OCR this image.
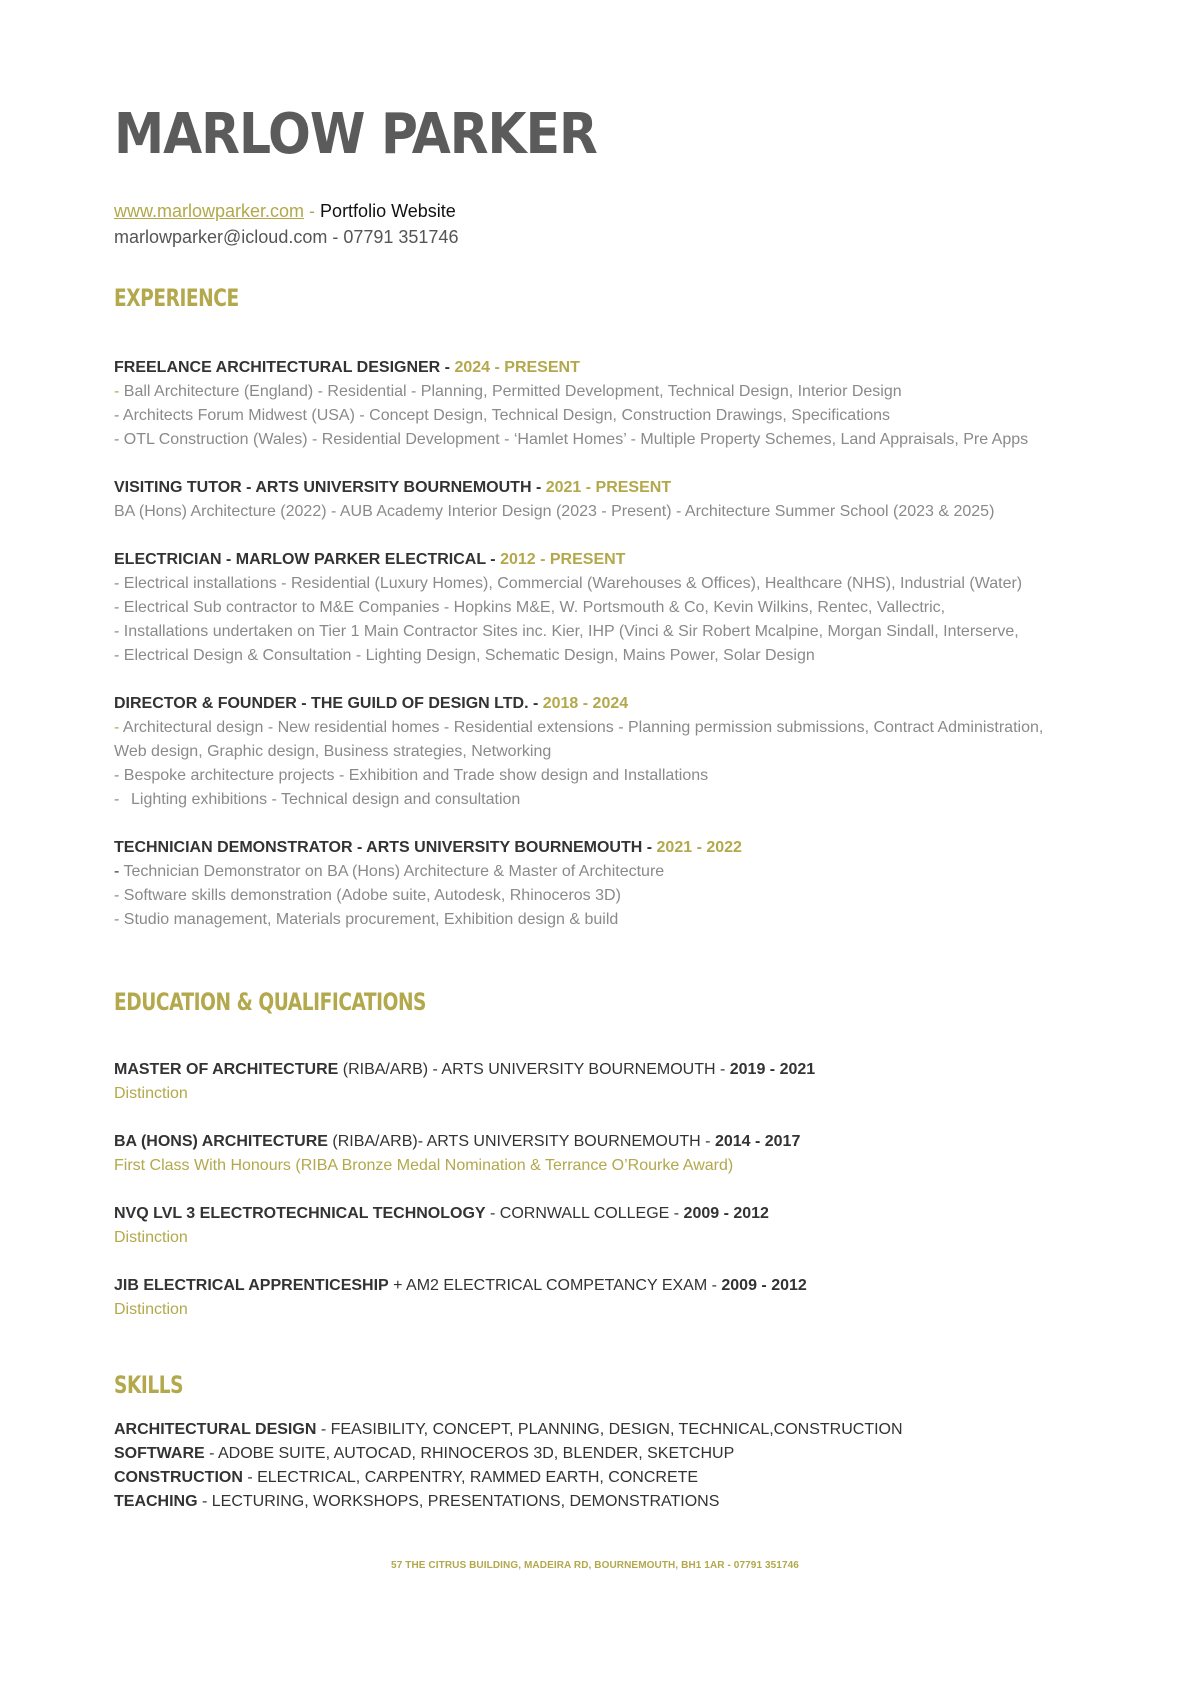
MARLOW PARKER
www.marlowparker.com - Portfolio Website
marlowparker@icloud.com - 07791 351746
EXPERIENCE
FREELANCE ARCHITECTURAL DESIGNER - 2024 - PRESENT
- Ball Architecture (England) - Residential - Planning, Permitted Development, Technical Design, Interior Design
- Architects Forum Midwest (USA) - Concept Design, Technical Design, Construction Drawings, Specifications
- OTL Construction (Wales) - Residential Development - ‘Hamlet Homes’ - Multiple Property Schemes, Land Appraisals, Pre Apps
VISITING TUTOR - ARTS UNIVERSITY BOURNEMOUTH - 2021 - PRESENT
BA (Hons) Architecture (2022) - AUB Academy Interior Design (2023 - Present) - Architecture Summer School (2023 & 2025)
ELECTRICIAN - MARLOW PARKER ELECTRICAL - 2012 - PRESENT
- Electrical installations - Residential (Luxury Homes), Commercial (Warehouses & Offices), Healthcare (NHS), Industrial (Water)
- Electrical Sub contractor to M&E Companies - Hopkins M&E, W. Portsmouth & Co, Kevin Wilkins, Rentec, Vallectric,
- Installations undertaken on Tier 1 Main Contractor Sites inc. Kier, IHP (Vinci & Sir Robert Mcalpine, Morgan Sindall, Interserve,
- Electrical Design & Consultation - Lighting Design, Schematic Design, Mains Power, Solar Design
DIRECTOR & FOUNDER - THE GUILD OF DESIGN LTD. - 2018 - 2024
- Architectural design - New residential homes - Residential extensions - Planning permission submissions, Contract Administration,
Web design, Graphic design, Business strategies, Networking
- Bespoke architecture projects - Exhibition and Trade show design and Installations
- Lighting exhibitions - Technical design and consultation
TECHNICIAN DEMONSTRATOR - ARTS UNIVERSITY BOURNEMOUTH - 2021 - 2022
- Technician Demonstrator on BA (Hons) Architecture & Master of Architecture
- Software skills demonstration (Adobe suite, Autodesk, Rhinoceros 3D)
- Studio management, Materials procurement, Exhibition design & build
EDUCATION & QUALIFICATIONS
MASTER OF ARCHITECTURE (RIBA/ARB) - ARTS UNIVERSITY BOURNEMOUTH - 2019 - 2021
Distinction
BA (HONS) ARCHITECTURE (RIBA/ARB)- ARTS UNIVERSITY BOURNEMOUTH - 2014 - 2017
First Class With Honours (RIBA Bronze Medal Nomination & Terrance O’Rourke Award)
NVQ LVL 3 ELECTROTECHNICAL TECHNOLOGY - CORNWALL COLLEGE - 2009 - 2012
Distinction
JIB ELECTRICAL APPRENTICESHIP + AM2 ELECTRICAL COMPETANCY EXAM - 2009 - 2012
Distinction
SKILLS
ARCHITECTURAL DESIGN - FEASIBILITY, CONCEPT, PLANNING, DESIGN, TECHNICAL,CONSTRUCTION
SOFTWARE - ADOBE SUITE, AUTOCAD, RHINOCEROS 3D, BLENDER, SKETCHUP
CONSTRUCTION - ELECTRICAL, CARPENTRY, RAMMED EARTH, CONCRETE
TEACHING - LECTURING, WORKSHOPS, PRESENTATIONS, DEMONSTRATIONS
57 THE CITRUS BUILDING, MADEIRA RD, BOURNEMOUTH, BH1 1AR - 07791 351746
